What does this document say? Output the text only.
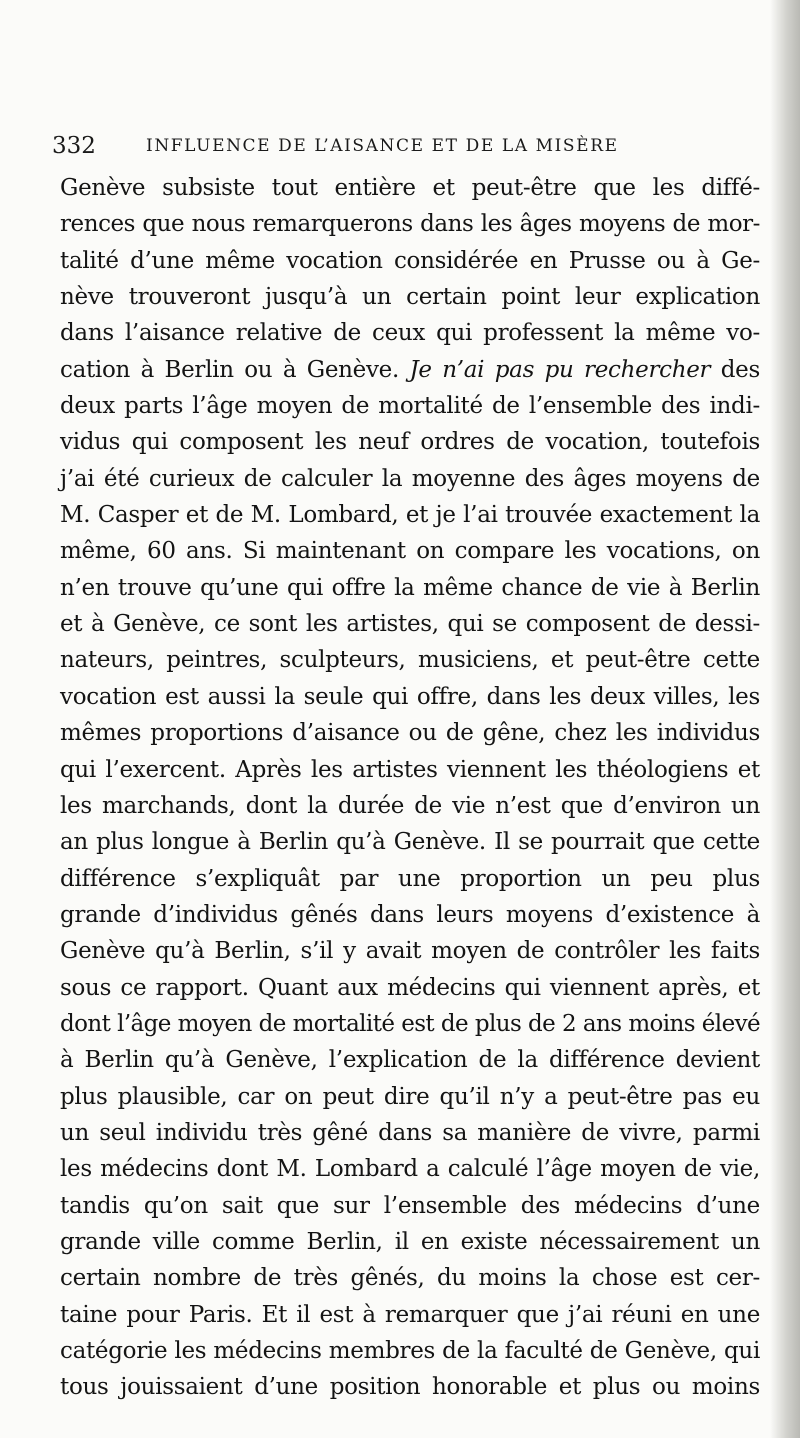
332	INFLUENCE DE L’AISANCE ET DE LA MISÈRE
Genève subsiste tout entière et peut-être que les diffé-
rences que nous remarquerons dans les âges moyens de mor-
talité d’une même vocation considérée en Prusse ou à Ge-
nève trouveront jusqu’à un certain point leur explication
dans l’aisance relative de ceux qui professent la même vo-
cation à Berlin ou à Genève. Je n’ai pas pu rechercher des
deux parts l’âge moyen de mortalité de l’ensemble des indi-
vidus qui composent les neuf ordres de vocation, toutefois
j’ai été curieux de calculer la moyenne des âges moyens de
M. Casper et de M. Lombard, et je l’ai trouvée exactement la
même, 60 ans. Si maintenant on compare les vocations, on
n’en trouve qu’une qui offre la même chance de vie à Berlin
et à Genève, ce sont les artistes, qui se composent de dessi-
nateurs, peintres, sculpteurs, musiciens, et peut-être cette
vocation est aussi la seule qui offre, dans les deux villes, les
mêmes proportions d’aisance ou de gêne, chez les individus
qui l’exercent. Après les artistes viennent les théologiens et
les marchands, dont la durée de vie n’est que d’environ un
an plus longue à Berlin qu’à Genève. Il se pourrait que cette
différence s’expliquât par une proportion un peu plus
grande d’individus gênés dans leurs moyens d’existence à
Genève qu’à Berlin, s’il y avait moyen de contrôler les faits
sous ce rapport. Quant aux médecins qui viennent après, et
dont l’âge moyen de mortalité est de plus de 2 ans moins élevé
à Berlin qu’à Genève, l’explication de la différence devient
plus plausible, car on peut dire qu’il n’y a peut-être pas eu
un seul individu très gêné dans sa manière de vivre, parmi
les médecins dont M. Lombard a calculé l’âge moyen de vie,
tandis qu’on sait que sur l’ensemble des médecins d’une
grande ville comme Berlin, il en existe nécessairement un
certain nombre de très gênés, du moins la chose est cer-
taine pour Paris. Et il est à remarquer que j’ai réuni en une
catégorie les médecins membres de la faculté de Genève, qui
tous jouissaient d’une position honorable et plus ou moins
